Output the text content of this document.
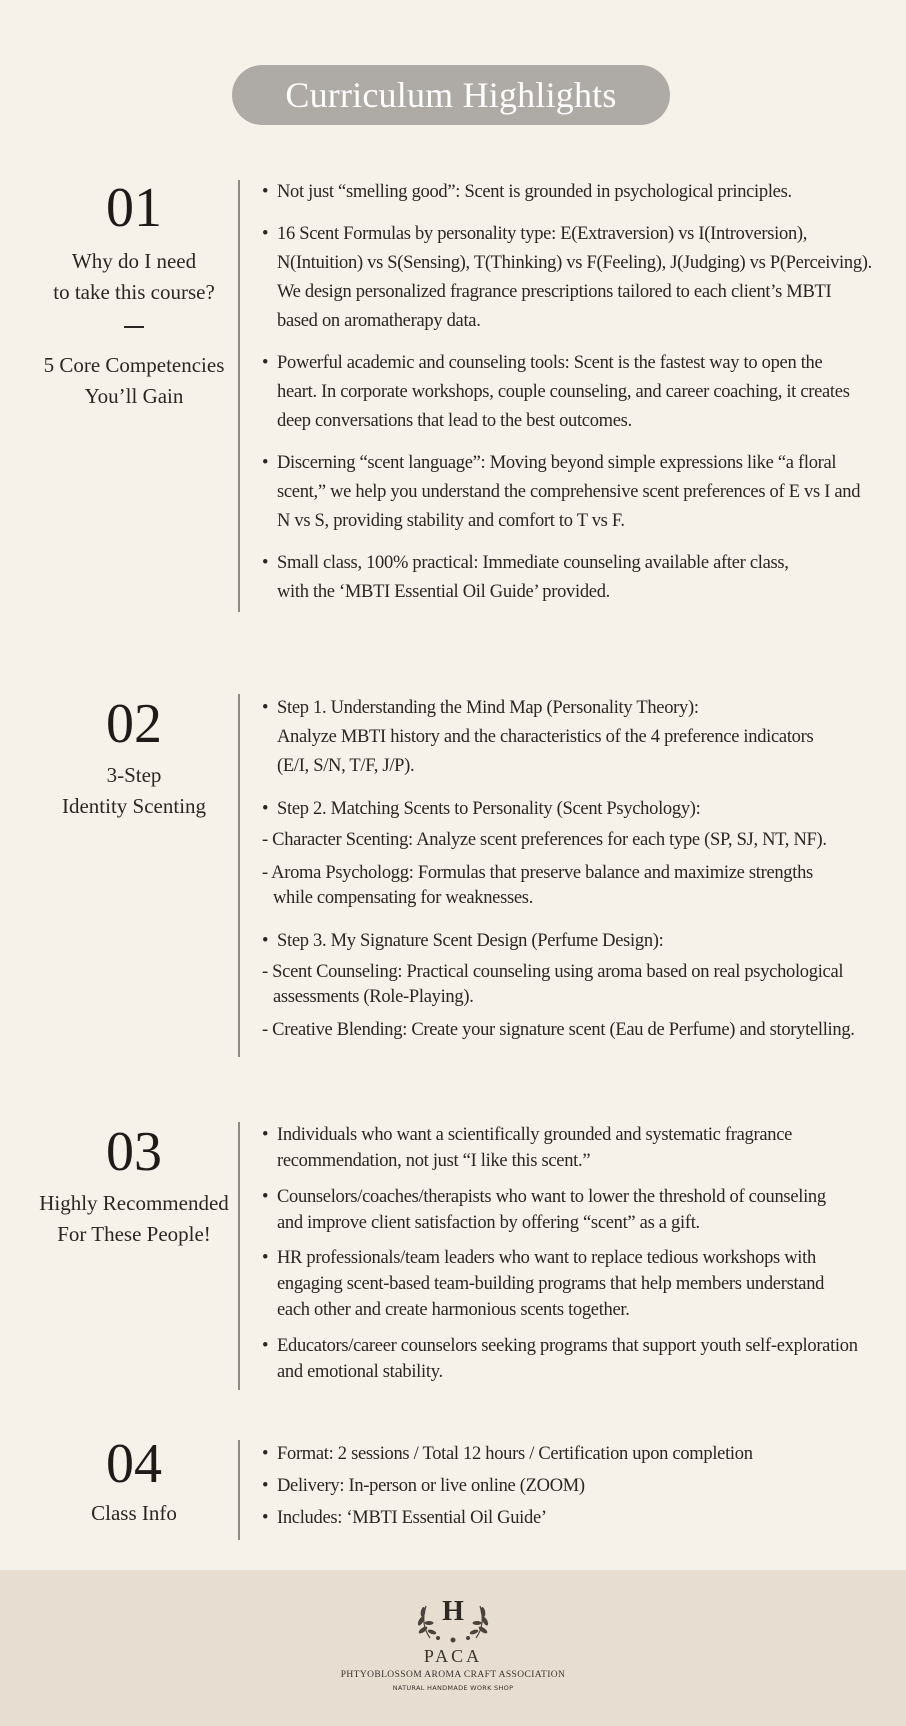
Curriculum Highlights
01
Why do I need
to take this course?
5 Core Competencies
You’ll Gain
• Not just “smelling good”: Scent is grounded in psychological principles.
• 16 Scent Formulas by personality type: E(Extraversion) vs I(Introversion),
N(Intuition) vs S(Sensing), T(Thinking) vs F(Feeling), J(Judging) vs P(Perceiving).
We design personalized fragrance prescriptions tailored to each client’s MBTI
based on aromatherapy data.
• Powerful academic and counseling tools: Scent is the fastest way to open the
heart. In corporate workshops, couple counseling, and career coaching, it creates
deep conversations that lead to the best outcomes.
• Discerning “scent language”: Moving beyond simple expressions like “a floral
scent,” we help you understand the comprehensive scent preferences of E vs I and
N vs S, providing stability and comfort to T vs F.
• Small class, 100% practical: Immediate counseling available after class,
with the ‘MBTI Essential Oil Guide’ provided.
02
3-Step
Identity Scenting
• Step 1. Understanding the Mind Map (Personality Theory):
Analyze MBTI history and the characteristics of the 4 preference indicators
(E/I, S/N, T/F, J/P).
• Step 2. Matching Scents to Personality (Scent Psychology):
- Character Scenting: Analyze scent preferences for each type (SP, SJ, NT, NF).
- Aroma Psychologg: Formulas that preserve balance and maximize strengths
while compensating for weaknesses.
• Step 3. My Signature Scent Design (Perfume Design):
- Scent Counseling: Practical counseling using aroma based on real psychological
assessments (Role-Playing).
- Creative Blending: Create your signature scent (Eau de Perfume) and storytelling.
03
Highly Recommended
For These People!
• Individuals who want a scientifically grounded and systematic fragrance
recommendation, not just “I like this scent.”
• Counselors/coaches/therapists who want to lower the threshold of counseling
and improve client satisfaction by offering “scent” as a gift.
• HR professionals/team leaders who want to replace tedious workshops with
engaging scent-based team-building programs that help members understand
each other and create harmonious scents together.
• Educators/career counselors seeking programs that support youth self-exploration
and emotional stability.
04
Class Info
• Format: 2 sessions / Total 12 hours / Certification upon completion
• Delivery: In-person or live online (ZOOM)
• Includes: ‘MBTI Essential Oil Guide’
H
PACA
PHTYOBLOSSOM AROMA CRAFT ASSOCIATION
NATURAL HANDMADE WORK SHOP
